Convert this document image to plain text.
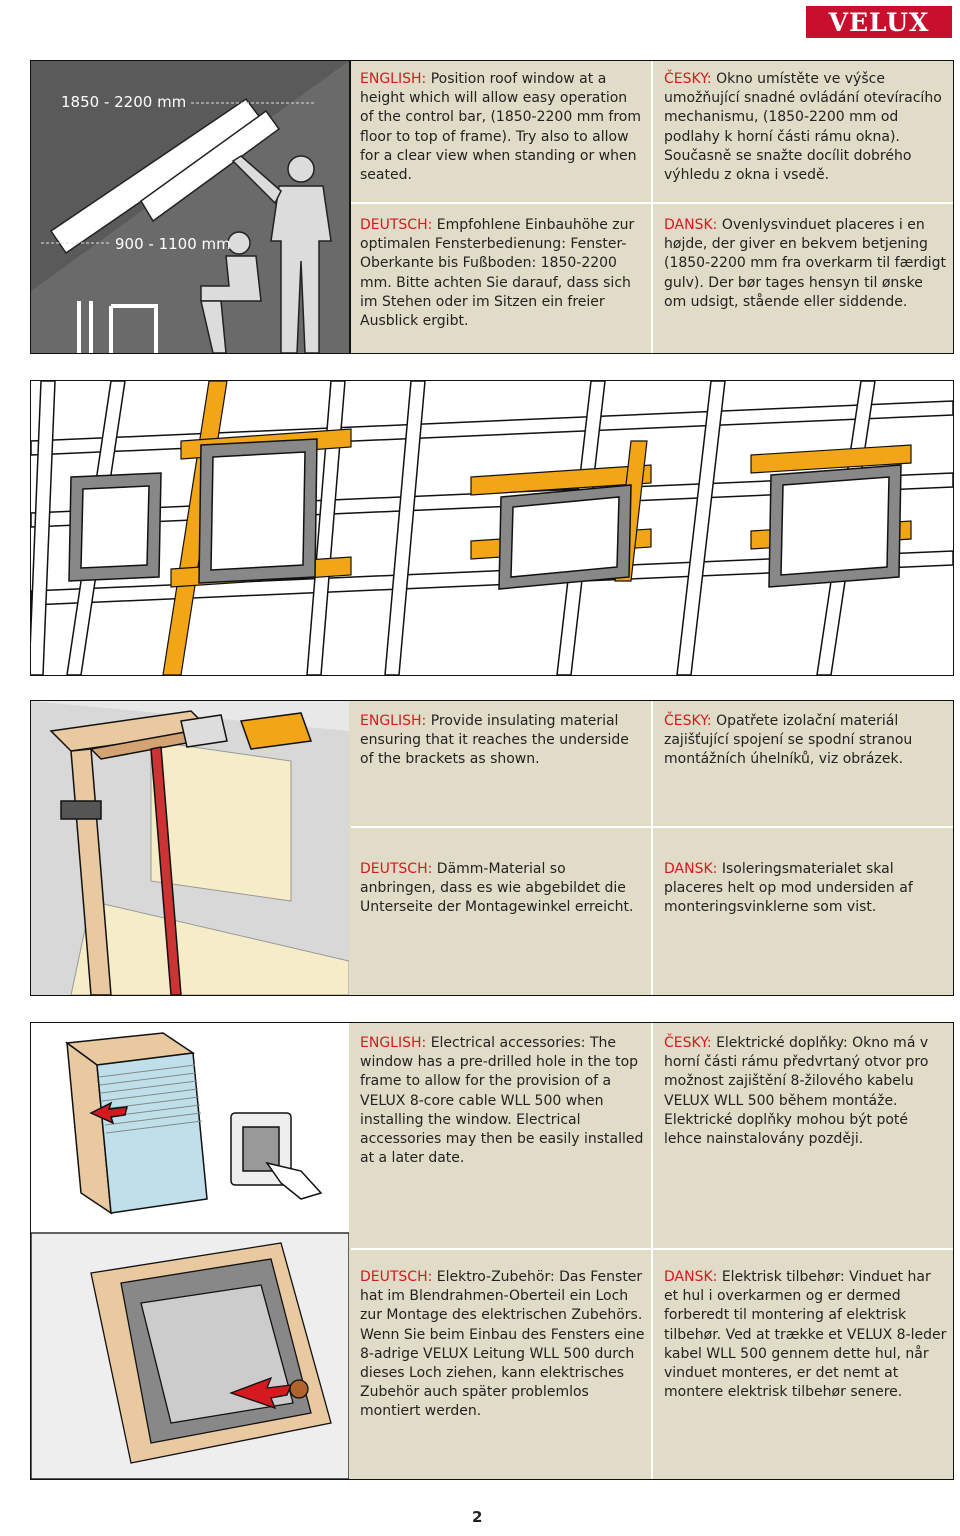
VELUX
1850 - 2200 mm
900 - 1100 mm
ENGLISH: Position roof window at a height which will allow easy operation of the control bar, (1850-2200 mm from floor to top of frame). Try also to allow for a clear view when standing or when seated.
ČESKY: Okno umístěte ve výšce umožňující snadné ovládání otevíracího mechanismu, (1850-2200 mm od podlahy k horní části rámu okna). Současně se snažte docílit dobrého výhledu z okna i vsedě.
DEUTSCH: Empfohlene Einbauhöhe zur optimalen Fensterbedienung: Fenster-Oberkante bis Fußboden: 1850-2200 mm. Bitte achten Sie darauf, dass sich im Stehen oder im Sitzen ein freier Ausblick ergibt.
DANSK: Ovenlysvinduet placeres i en højde, der giver en bekvem betjening (1850-2200 mm fra overkarm til færdigt gulv). Der bør tages hensyn til ønske om udsigt, stående eller siddende.
ENGLISH: Provide insulating material ensuring that it reaches the underside of the brackets as shown.
ČESKY: Opatřete izolační materiál zajišťující spojení se spodní stranou montážních úhelníků, viz obrázek.
DEUTSCH: Dämm-Material so anbringen, dass es wie abgebildet die Unterseite der Montagewinkel erreicht.
DANSK: Isoleringsmaterialet skal placeres helt op mod undersiden af monteringsvinklerne som vist.
ENGLISH: Electrical accessories: The window has a pre-drilled hole in the top frame to allow for the provision of a VELUX 8-core cable WLL 500 when installing the window. Electrical accessories may then be easily installed at a later date.
ČESKY: Elektrické doplňky: Okno má v horní části rámu předvrtaný otvor pro možnost zajištění 8-žilového kabelu VELUX WLL 500 během montáže. Elektrické doplňky mohou být poté lehce nainstalovány později.
DEUTSCH: Elektro-Zubehör: Das Fenster hat im Blendrahmen-Oberteil ein Loch zur Montage des elektrischen Zubehörs. Wenn Sie beim Einbau des Fensters eine 8-adrige VELUX Leitung WLL 500 durch dieses Loch ziehen, kann elektrisches Zubehör auch später problemlos montiert werden.
DANSK: Elektrisk tilbehør: Vinduet har et hul i overkarmen og er dermed forberedt til montering af elektrisk tilbehør. Ved at trække et VELUX 8-leder kabel WLL 500 gennem dette hul, når vinduet monteres, er det nemt at montere elektrisk tilbehør senere.
2
